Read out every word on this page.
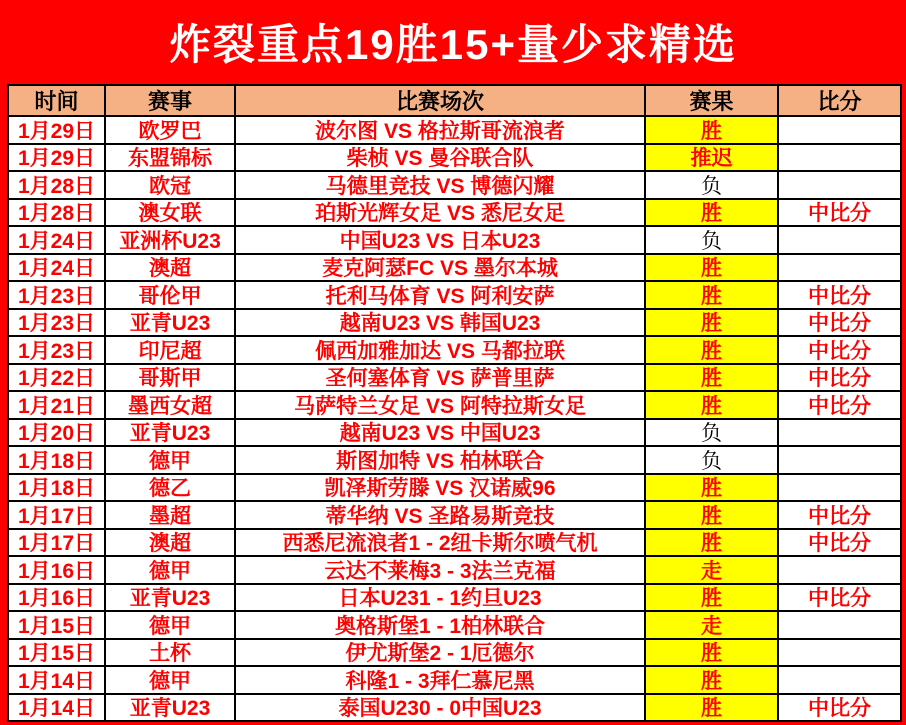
炸裂重点19胜15+量少求精选
时间	赛事	比赛场次	赛果	比分
1月29日	欧罗巴	波尔图 VS 格拉斯哥流浪者	胜
1月29日	东盟锦标	柴桢 VS 曼谷联合队	推迟
1月28日	欧冠	马德里竞技 VS 博德闪耀	负
1月28日	澳女联	珀斯光辉女足 VS 悉尼女足	胜	中比分
1月24日	亚洲杯U23	中国U23 VS 日本U23	负
1月24日	澳超	麦克阿瑟FC VS 墨尔本城	胜
1月23日	哥伦甲	托利马体育 VS 阿利安萨	胜	中比分
1月23日	亚青U23	越南U23 VS 韩国U23	胜	中比分
1月23日	印尼超	佩西加雅加达 VS 马都拉联	胜	中比分
1月22日	哥斯甲	圣何塞体育 VS 萨普里萨	胜	中比分
1月21日	墨西女超	马萨特兰女足 VS 阿特拉斯女足	胜	中比分
1月20日	亚青U23	越南U23 VS 中国U23	负
1月18日	德甲	斯图加特 VS 柏林联合	负
1月18日	德乙	凯泽斯劳滕 VS 汉诺威96	胜
1月17日	墨超	蒂华纳 VS 圣路易斯竞技	胜	中比分
1月17日	澳超	西悉尼流浪者1 - 2纽卡斯尔喷气机	胜	中比分
1月16日	德甲	云达不莱梅3 - 3法兰克福	走
1月16日	亚青U23	日本U231 - 1约旦U23	胜	中比分
1月15日	德甲	奥格斯堡1 - 1柏林联合	走
1月15日	土杯	伊尤斯堡2 - 1厄德尔	胜
1月14日	德甲	科隆1 - 3拜仁慕尼黑	胜
1月14日	亚青U23	泰国U230 - 0中国U23	胜	中比分
